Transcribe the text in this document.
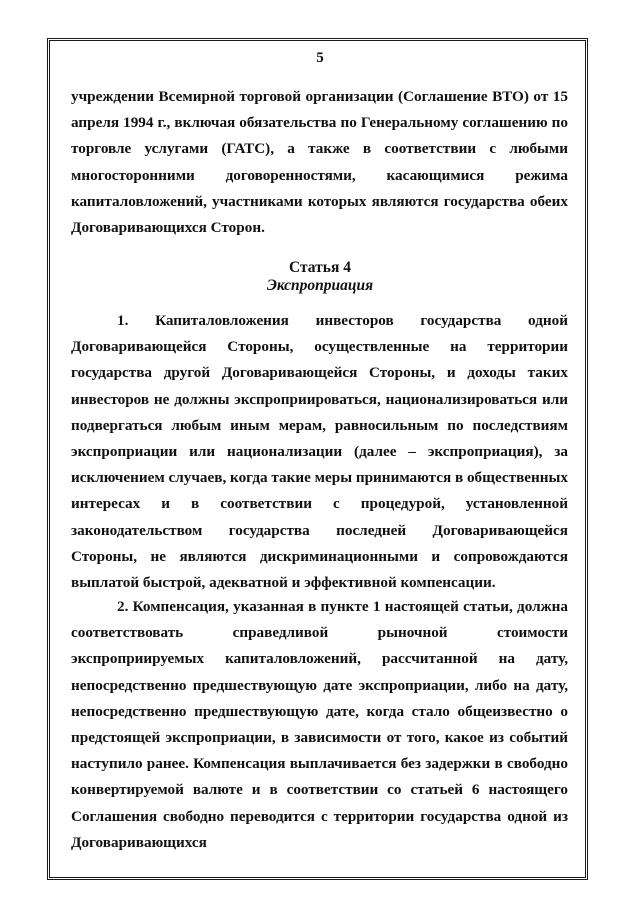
5

учреждении Всемирной торговой организации (Соглашение ВТО) от 15 апреля 1994 г., включая обязательства по Генеральному соглашению по торговле услугами (ГАТС), а также в соответствии с любыми многосторонними договоренностями, касающимися режима капиталовложений, участниками которых являются государства обеих Договаривающихся Сторон.

Статья 4
Экспроприация

1. Капиталовложения инвесторов государства одной Договаривающейся Стороны, осуществленные на территории государства другой Договаривающейся Стороны, и доходы таких инвесторов не должны экспроприироваться, национализироваться или подвергаться любым иным мерам, равносильным по последствиям экспроприации или национализации (далее – экспроприация), за исключением случаев, когда такие меры принимаются в общественных интересах и в соответствии с процедурой, установленной законодательством государства последней Договаривающейся Стороны, не являются дискриминационными и сопровождаются выплатой быстрой, адекватной и эффективной компенсации.

2. Компенсация, указанная в пункте 1 настоящей статьи, должна соответствовать справедливой рыночной стоимости экспроприируемых капиталовложений, рассчитанной на дату, непосредственно предшествующую дате экспроприации, либо на дату, непосредственно предшествующую дате, когда стало общеизвестно о предстоящей экспроприации, в зависимости от того, какое из событий наступило ранее. Компенсация выплачивается без задержки в свободно конвертируемой валюте и в соответствии со статьей 6 настоящего Соглашения свободно переводится с территории государства одной из Договаривающихся
